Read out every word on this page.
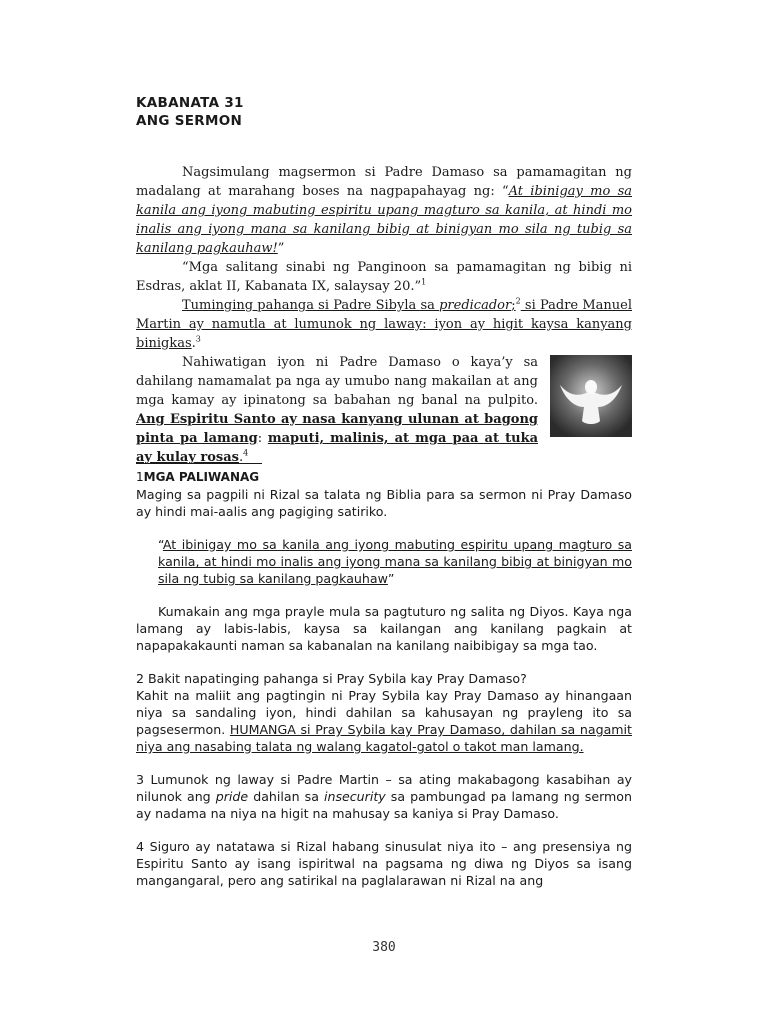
KABANATA 31
ANG SERMON

Nagsimulang magsermon si Padre Damaso sa pamamagitan ng madalang at marahang boses na nagpapahayag ng: “At ibinigay mo sa kanila ang iyong mabuting espiritu upang magturo sa kanila, at hindi mo inalis ang iyong mana sa kanilang bibig at binigyan mo sila ng tubig sa kanilang pagkauhaw!”

“Mga salitang sinabi ng Panginoon sa pamamagitan ng bibig ni Esdras, aklat II, Kabanata IX, salaysay 20.”$^1$

Tuminging pahanga si Padre Sibyla sa predicador;$^2$ si Padre Manuel Martin ay namutla at lumunok ng laway: iyon ay higit kaysa kanyang binigkas.$^3$

Nahiwatigan iyon ni Padre Damaso o kaya’y sa dahilang namamalat pa nga ay umubo nang makailan at ang mga kamay ay ipinatong sa babahan ng banal na pulpito. Ang Espiritu Santo ay nasa kanyang ulunan at bagong pinta pa lamang: maputi, malinis, at mga paa at tuka ay kulay rosas.$^4$

1MGA PALIWANAG

Maging sa pagpili ni Rizal sa talata ng Biblia para sa sermon ni Pray Damaso ay hindi mai-aalis ang pagiging satiriko.

“At ibinigay mo sa kanila ang iyong mabuting espiritu upang magturo sa kanila, at hindi mo inalis ang iyong mana sa kanilang bibig at binigyan mo sila ng tubig sa kanilang pagkauhaw”

Kumakain ang mga prayle mula sa pagtuturo ng salita ng Diyos. Kaya nga lamang ay labis-labis, kaysa sa kailangan ang kanilang pagkain at napapakakaunti naman sa kabanalan na kanilang naibibigay sa mga tao.

2 Bakit napatinging pahanga si Pray Sybila kay Pray Damaso?

Kahit na maliit ang pagtingin ni Pray Sybila kay Pray Damaso ay hinangaan niya sa sandaling iyon, hindi dahilan sa kahusayan ng prayleng ito sa pagsesermon. HUMANGA si Pray Sybila kay Pray Damaso, dahilan sa nagamit niya ang nasabing talata ng walang kagatol-gatol o takot man lamang.

3 Lumunok ng laway si Padre Martin – sa ating makabagong kasabihan ay nilunok ang pride dahilan sa insecurity sa pambungad pa lamang ng sermon ay nadama na niya na higit na mahusay sa kaniya si Pray Damaso.

4 Siguro ay natatawa si Rizal habang sinusulat niya ito – ang presensiya ng Espiritu Santo ay isang ispiritwal na pagsama ng diwa ng Diyos sa isang mangangaral, pero ang satirikal na paglalarawan ni Rizal na ang

380
